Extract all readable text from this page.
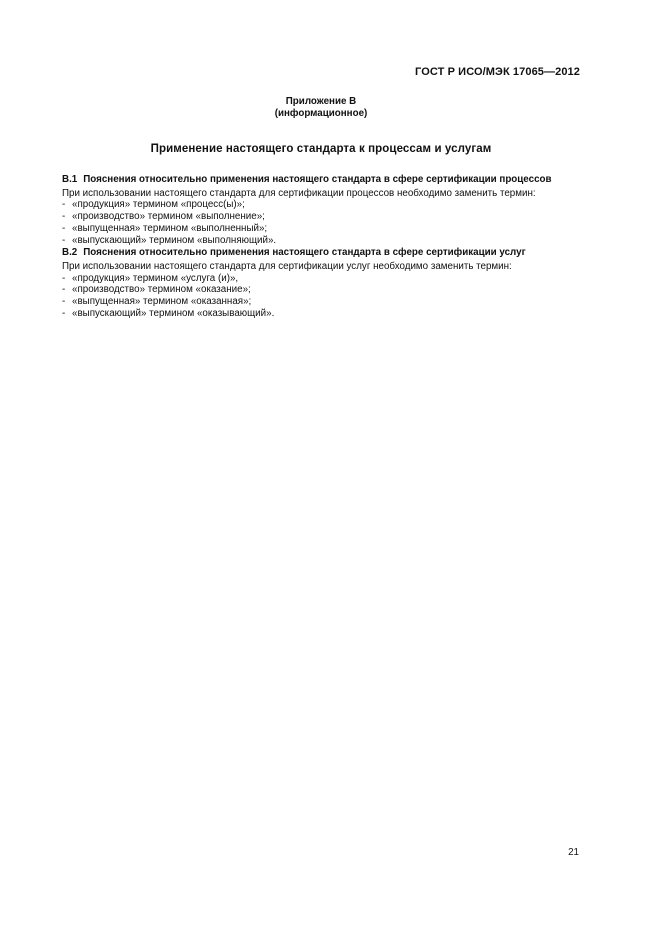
ГОСТ Р ИСО/МЭК 17065—2012
Приложение В
(информационное)
Применение настоящего стандарта к процессам и услугам

В.1 Пояснения относительно применения настоящего стандарта в сфере сертификации процессов

При использовании настоящего стандарта для сертификации процессов необходимо заменить термин:

- «продукция» термином «процесс(ы)»;
- «производство» термином «выполнение»;
- «выпущенная» термином «выполненный»;
- «выпускающий» термином «выполняющий».

В.2 Пояснения относительно применения настоящего стандарта в сфере сертификации услуг

При использовании настоящего стандарта для сертификации услуг необходимо заменить термин:

- «продукция» термином «услуга (и)»,
- «производство» термином «оказание»;
- «выпущенная» термином «оказанная»;
- «выпускающий» термином «оказывающий».
21
